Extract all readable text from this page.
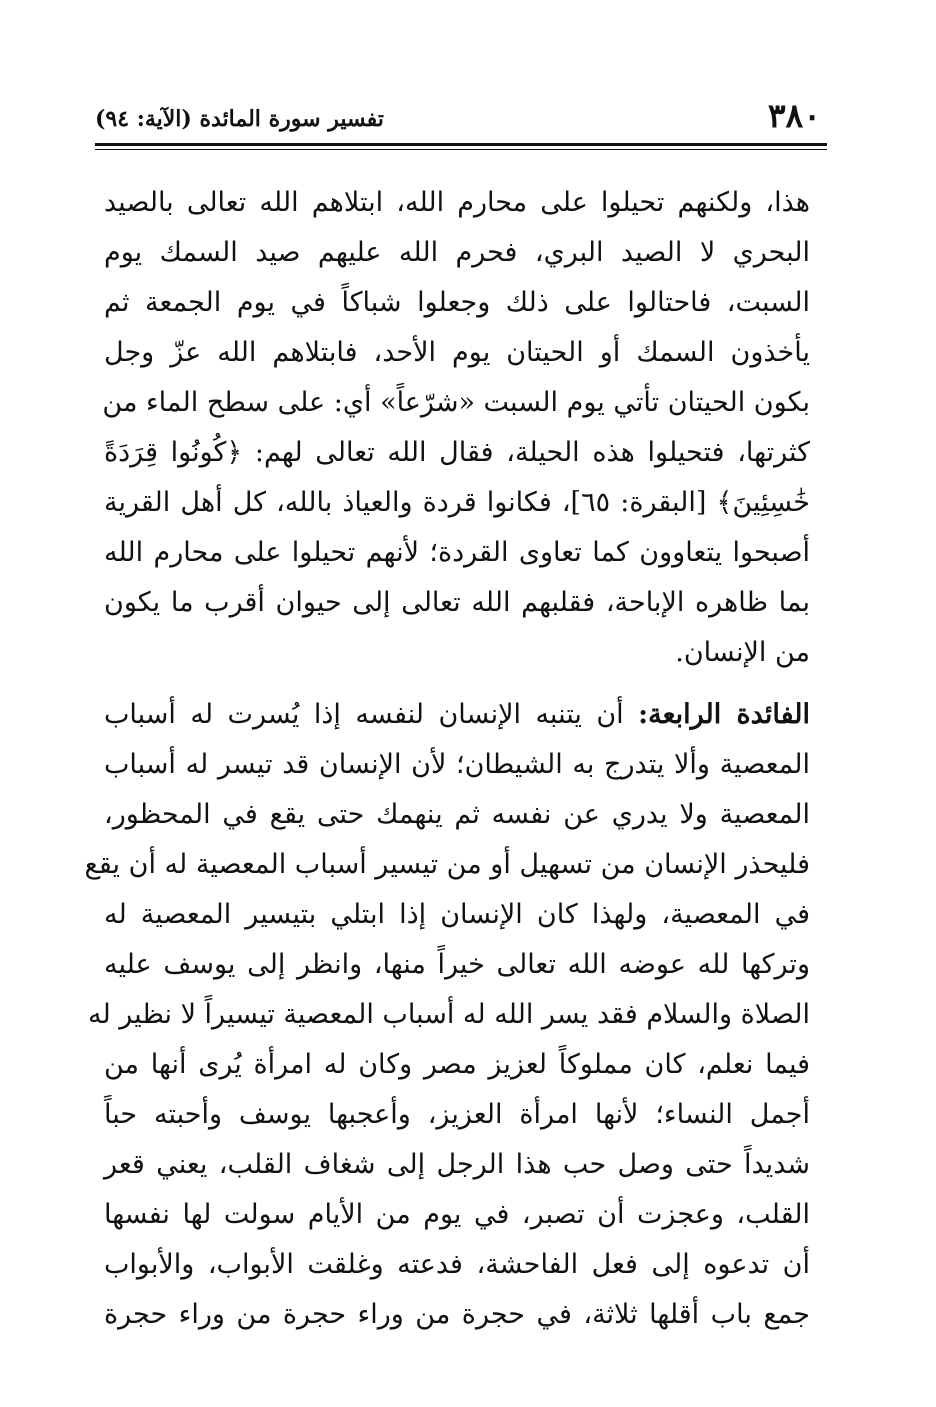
٣٨٠
تفسير سورة المائدة (الآية: ٩٤)
هذا، ولكنهم تحيلوا على محارم الله، ابتلاهم الله تعالى بالصيد
البحري لا الصيد البري، فحرم الله عليهم صيد السمك يوم
السبت، فاحتالوا على ذلك وجعلوا شباكاً في يوم الجمعة ثم
يأخذون السمك أو الحيتان يوم الأحد، فابتلاهم الله عزّ وجل
بكون الحيتان تأتي يوم السبت «شرّعاً» أي: على سطح الماء من
كثرتها، فتحيلوا هذه الحيلة، فقال الله تعالى لهم: ﴿كُونُوا قِرَدَةً
خَٰسِئِينَ﴾ [البقرة: ٦٥]، فكانوا قردة والعياذ بالله، كل أهل القرية
أصبحوا يتعاوون كما تعاوى القردة؛ لأنهم تحيلوا على محارم الله
بما ظاهره الإباحة، فقلبهم الله تعالى إلى حيوان أقرب ما يكون
من الإنسان.
الفائدة الرابعة: أن يتنبه الإنسان لنفسه إذا يُسرت له أسباب
المعصية وألا يتدرج به الشيطان؛ لأن الإنسان قد تيسر له أسباب
المعصية ولا يدري عن نفسه ثم ينهمك حتى يقع في المحظور،
فليحذر الإنسان من تسهيل أو من تيسير أسباب المعصية له أن يقع
في المعصية، ولهذا كان الإنسان إذا ابتلي بتيسير المعصية له
وتركها لله عوضه الله تعالى خيراً منها، وانظر إلى يوسف عليه
الصلاة والسلام فقد يسر الله له أسباب المعصية تيسيراً لا نظير له
فيما نعلم، كان مملوكاً لعزيز مصر وكان له امرأة يُرى أنها من
أجمل النساء؛ لأنها امرأة العزيز، وأعجبها يوسف وأحبته حباً
شديداً حتى وصل حب هذا الرجل إلى شغاف القلب، يعني قعر
القلب، وعجزت أن تصبر، في يوم من الأيام سولت لها نفسها
أن تدعوه إلى فعل الفاحشة، فدعته وغلقت الأبواب، والأبواب
جمع باب أقلها ثلاثة، في حجرة من وراء حجرة من وراء حجرة
